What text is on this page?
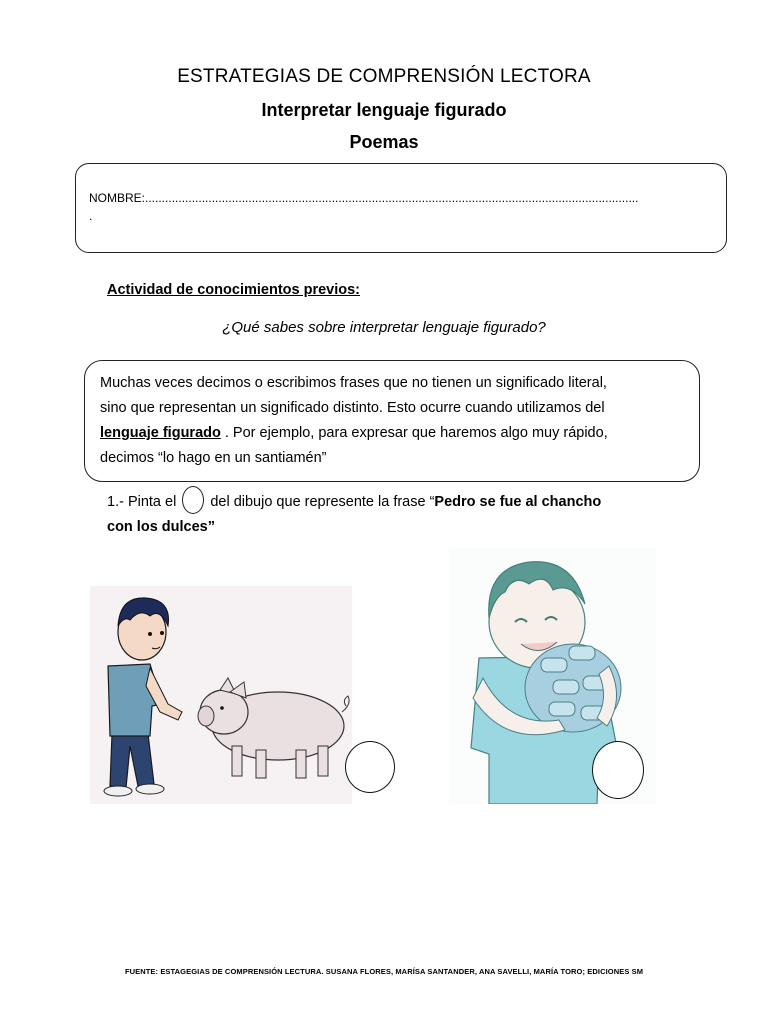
ESTRATEGIAS DE COMPRENSIÓN LECTORA
Interpretar lenguaje figurado
Poemas
NOMBRE:....................................................................................................................................................
.
Actividad de conocimientos previos:
¿Qué sabes sobre interpretar lenguaje figurado?
Muchas veces decimos o escribimos frases que no tienen un significado literal,
sino que representan un significado distinto. Esto ocurre cuando utilizamos del
lenguaje figurado . Por ejemplo, para expresar que haremos algo muy rápido,
decimos “lo hago en un santiamén”
1.- Pinta el del dibujo que represente la frase “Pedro se fue al chancho
con los dulces”
FUENTE: ESTAGEGIAS DE COMPRENSIÓN LECTURA. SUSANA FLORES, MARÍSA SANTANDER, ANA SAVELLI, MARÍA TORO; EDICIONES SM
